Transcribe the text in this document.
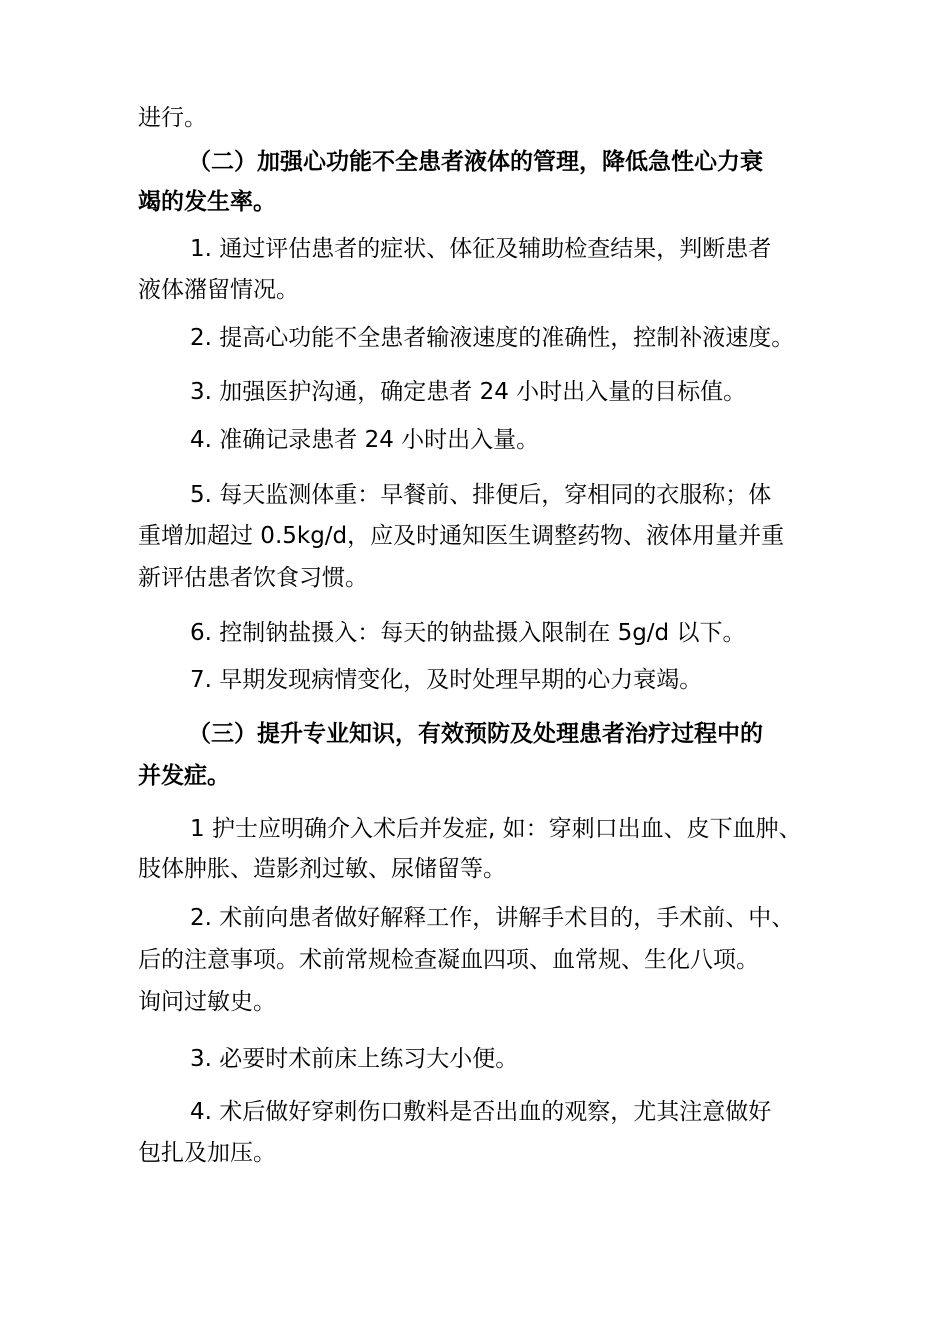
进行。
（二）加强心功能不全患者液体的管理，降低急性心力衰
竭的发生率。
1. 通过评估患者的症状、体征及辅助检查结果，判断患者
液体潴留情况。
2. 提高心功能不全患者输液速度的准确性，控制补液速度。
3. 加强医护沟通，确定患者 24 小时出入量的目标值。
4. 准确记录患者 24 小时出入量。
5. 每天监测体重：早餐前、排便后，穿相同的衣服称；体
重增加超过 0.5kg/d，应及时通知医生调整药物、液体用量并重
新评估患者饮食习惯。
6. 控制钠盐摄入：每天的钠盐摄入限制在 5g/d 以下。
7. 早期发现病情变化，及时处理早期的心力衰竭。
（三）提升专业知识，有效预防及处理患者治疗过程中的
并发症。
1 护士应明确介入术后并发症, 如：穿刺口出血、皮下血肿、
肢体肿胀、造影剂过敏、尿储留等。
2. 术前向患者做好解释工作，讲解手术目的，手术前、中、
后的注意事项。术前常规检查凝血四项、血常规、生化八项。
询问过敏史。
3. 必要时术前床上练习大小便。
4. 术后做好穿刺伤口敷料是否出血的观察，尤其注意做好
包扎及加压。
